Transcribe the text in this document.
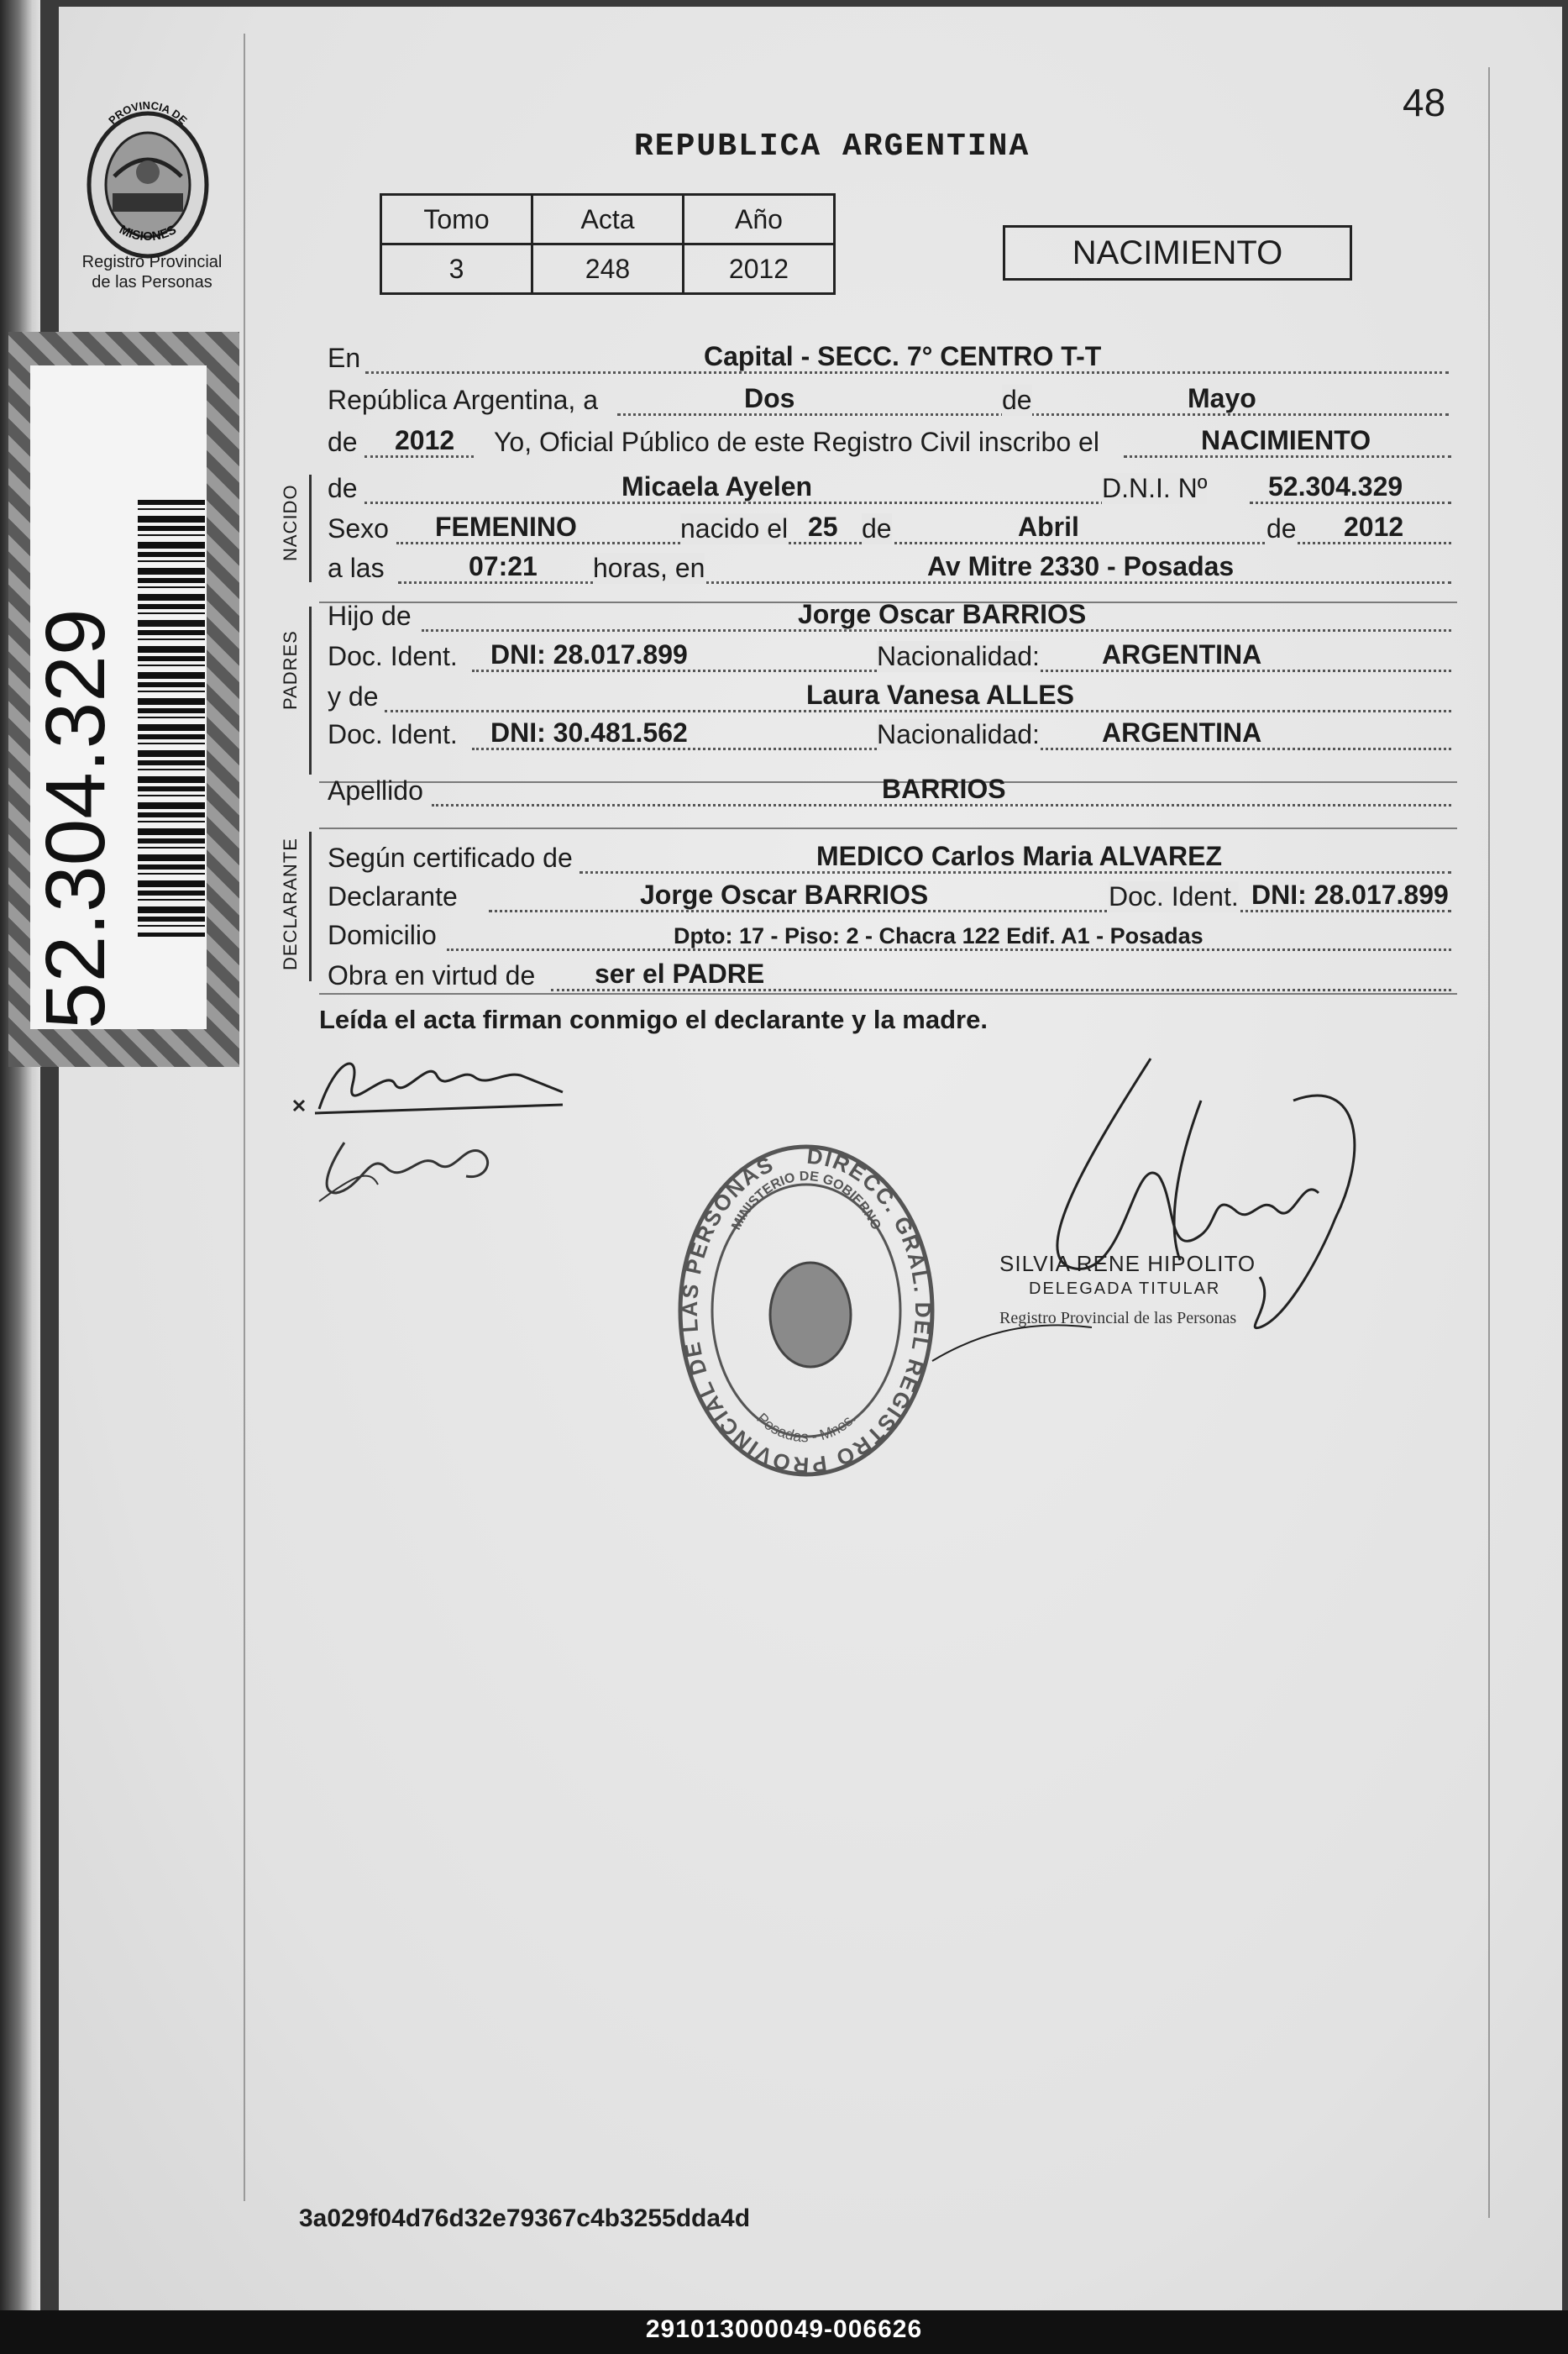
48
REPUBLICA ARGENTINA
PROVINCIA DE
MISIONES
Registro Provincial
de las Personas
52.304.329
Tomo	Acta	Año
3	248	2012	NACIMIENTO
En	Capital - SECC. 7° CENTRO T-T
República Argentina, a	Dos	de	Mayo
de 2012 Yo, Oficial Público de este Registro Civil inscribo el	NACIMIENTO
NACIDO de	Micaela Ayelen	D.N.I. Nº 52.304.329
Sexo FEMENINO	nacido el 25 de	Abril	de 2012
a las	07:21 horas, en	Av Mitre 2330 - Posadas
PADRES
Hijo de	Jorge Oscar BARRIOS
Doc. Ident. DNI: 28.017.899	Nacionalidad: ARGENTINA
y de	Laura Vanesa ALLES
Doc. Ident. DNI: 30.481.562	Nacionalidad: ARGENTINA
Apellido	BARRIOS
DECLARANTE Según certificado de	MEDICO Carlos Maria ALVAREZ
Declarante	Jorge Oscar BARRIOS	Doc. Ident. DNI: 28.017.899
Domicilio	Dpto: 17 - Piso: 2 - Chacra 122 Edif. A1 - Posadas
Obra en virtud de ser el PADRE
Leída el acta firman conmigo el declarante y la madre.
DIRECC. GRAL. DEL REGISTRO PROVINCIAL DE LAS PERSONAS
MINISTERIO DE GOBIERNO
Posadas - Mnes.
SILVIA RENE HIPOLITO
DELEGADA TITULAR
Registro Provincial de las Personas
3a029f04d76d32e79367c4b3255dda4d
291013000049-006626
